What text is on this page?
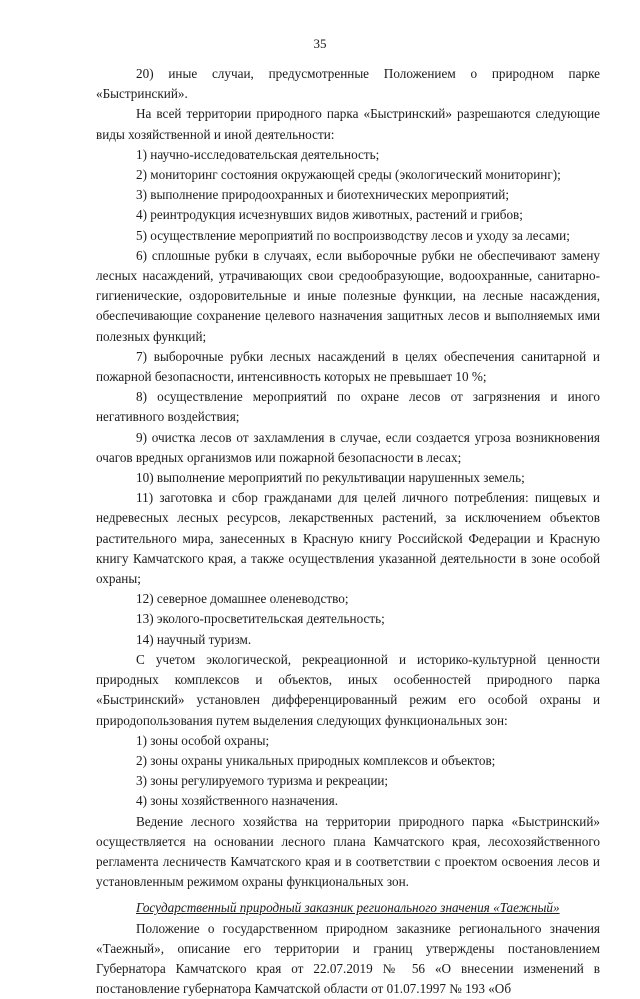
35

20) иные случаи, предусмотренные Положением о природном парке «Быстринский».

На всей территории природного парка «Быстринский» разрешаются следующие виды хозяйственной и иной деятельности:

1) научно-исследовательская деятельность;

2) мониторинг состояния окружающей среды (экологический мониторинг);

3) выполнение природоохранных и биотехнических мероприятий;

4) реинтродукция исчезнувших видов животных, растений и грибов;

5) осуществление мероприятий по воспроизводству лесов и уходу за лесами;

6) сплошные рубки в случаях, если выборочные рубки не обеспечивают замену лесных насаждений, утрачивающих свои средообразующие, водоохранные, санитарно-гигиенические, оздоровительные и иные полезные функции, на лесные насаждения, обеспечивающие сохранение целевого назначения защитных лесов и выполняемых ими полезных функций;

7) выборочные рубки лесных насаждений в целях обеспечения санитарной и пожарной безопасности, интенсивность которых не превышает 10 %;

8) осуществление мероприятий по охране лесов от загрязнения и иного негативного воздействия;

9) очистка лесов от захламления в случае, если создается угроза возникновения очагов вредных организмов или пожарной безопасности в лесах;

10) выполнение мероприятий по рекультивации нарушенных земель;

11) заготовка и сбор гражданами для целей личного потребления: пищевых и недревесных лесных ресурсов, лекарственных растений, за исключением объектов растительного мира, занесенных в Красную книгу Российской Федерации и Красную книгу Камчатского края, а также осуществления указанной деятельности в зоне особой охраны;

12) северное домашнее оленеводство;

13) эколого-просветительская деятельность;

14) научный туризм.

С учетом экологической, рекреационной и историко-культурной ценности природных комплексов и объектов, иных особенностей природного парка «Быстринский» установлен дифференцированный режим его особой охраны и природопользования путем выделения следующих функциональных зон:

1) зоны особой охраны;

2) зоны охраны уникальных природных комплексов и объектов;

3) зоны регулируемого туризма и рекреации;

4) зоны хозяйственного назначения.

Ведение лесного хозяйства на территории природного парка «Быстринский» осуществляется на основании лесного плана Камчатского края, лесохозяйственного регламента лесничеств Камчатского края и в соответствии с проектом освоения лесов и установленным режимом охраны функциональных зон.

Государственный природный заказник регионального значения «Таежный»

Положение о государственном природном заказнике регионального значения «Таежный», описание его территории и границ утверждены постановлением Губернатора Камчатского края от 22.07.2019 № 56 «О внесении изменений в постановление губернатора Камчатской области от 01.07.1997 № 193 «Об
